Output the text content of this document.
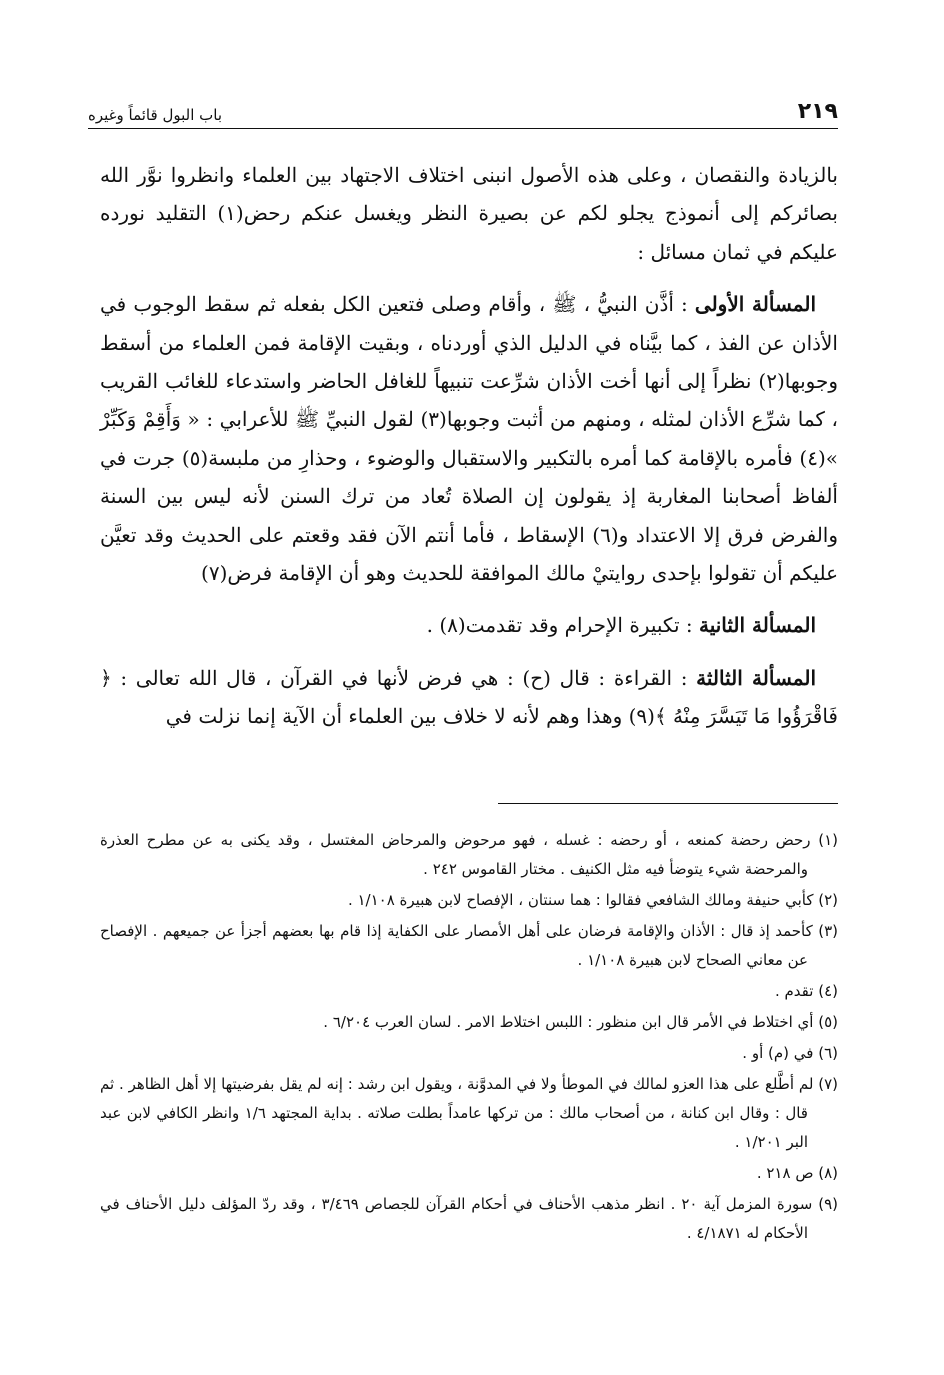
٢١٩
باب البول قائماً وغيره

بالزيادة والنقصان ، وعلى هذه الأصول انبنى اختلاف الاجتهاد بين العلماء وانظروا نوَّر الله بصائركم إلى أنموذج يجلو لكم عن بصيرة النظر ويغسل عنكم رحض(١) التقليد نورده عليكم في ثمان مسائل :

المسألة الأولى : أذَّن النبيُّ ، ﷺ ، وأقام وصلى فتعين الكل بفعله ثم سقط الوجوب في الأذان عن الفذ ، كما بيَّناه في الدليل الذي أوردناه ، وبقيت الإقامة فمن العلماء من أسقط وجوبها(٢) نظراً إلى أنها أخت الأذان شرِّعت تنبيهاً للغافل الحاضر واستدعاء للغائب القريب ، كما شرِّع الأذان لمثله ، ومنهم من أثبت وجوبها(٣) لقول النبيِّ ﷺ للأعرابي : « وَأَقِمْ وَكَبِّرْ »(٤) فأمره بالإقامة كما أمره بالتكبير والاستقبال والوضوء ، وحذارِ من ملبسة(٥) جرت في ألفاظ أصحابنا المغاربة إذ يقولون إن الصلاة تُعاد من ترك السنن لأنه ليس بين السنة والفرض فرق إلا الاعتداد و(٦) الإسقاط ، فأما أنتم الآن فقد وقعتم على الحديث وقد تعيَّن عليكم أن تقولوا بإحدى روايتيْ مالك الموافقة للحديث وهو أن الإقامة فرض(٧)

المسألة الثانية : تكبيرة الإحرام وقد تقدمت(٨) .

المسألة الثالثة : القراءة : قال (ح) : هي فرض لأنها في القرآن ، قال الله تعالى : ﴿ فَاقْرَؤُوا مَا تَيَسَّرَ مِنْهُ ﴾(٩) وهذا وهم لأنه لا خلاف بين العلماء أن الآية إنما نزلت في

(١) رحض رحضة كمنعه ، أو رحضه : غسله ، فهو مرحوض والمرحاض المغتسل ، وقد يكنى به عن مطرح العذرة والمرحضة شيء يتوضأ فيه مثل الكنيف . مختار القاموس ٢٤٢ .

(٢) كأبي حنيفة ومالك الشافعي فقالوا : هما سنتان ، الإفصاح لابن هبيرة ١/١٠٨ .

(٣) كأحمد إذ قال : الأذان والإقامة فرضان على أهل الأمصار على الكفاية إذا قام بها بعضهم أجزأ عن جميعهم . الإفصاح عن معاني الصحاح لابن هبيرة ١/١٠٨ .

(٤) تقدم .

(٥) أي اختلاط في الأمر قال ابن منظور : اللبس اختلاط الامر . لسان العرب ٦/٢٠٤ .

(٦) في (م) أو .

(٧) لم أطَّلع على هذا العزو لمالك في الموطأ ولا في المدوَّنة ، ويقول ابن رشد : إنه لم يقل بفرضيتها إلا أهل الظاهر . ثم قال : وقال ابن كنانة ، من أصحاب مالك : من تركها عامداً بطلت صلاته . بداية المجتهد ١/٦ وانظر الكافي لابن عبد البر ١/٢٠١ .

(٨) ص ٢١٨ .

(٩) سورة المزمل آية ٢٠ . انظر مذهب الأحناف في أحكام القرآن للجصاص ٣/٤٦٩ ، وقد ردّ المؤلف دليل الأحناف في الأحكام له ٤/١٨٧١ .
